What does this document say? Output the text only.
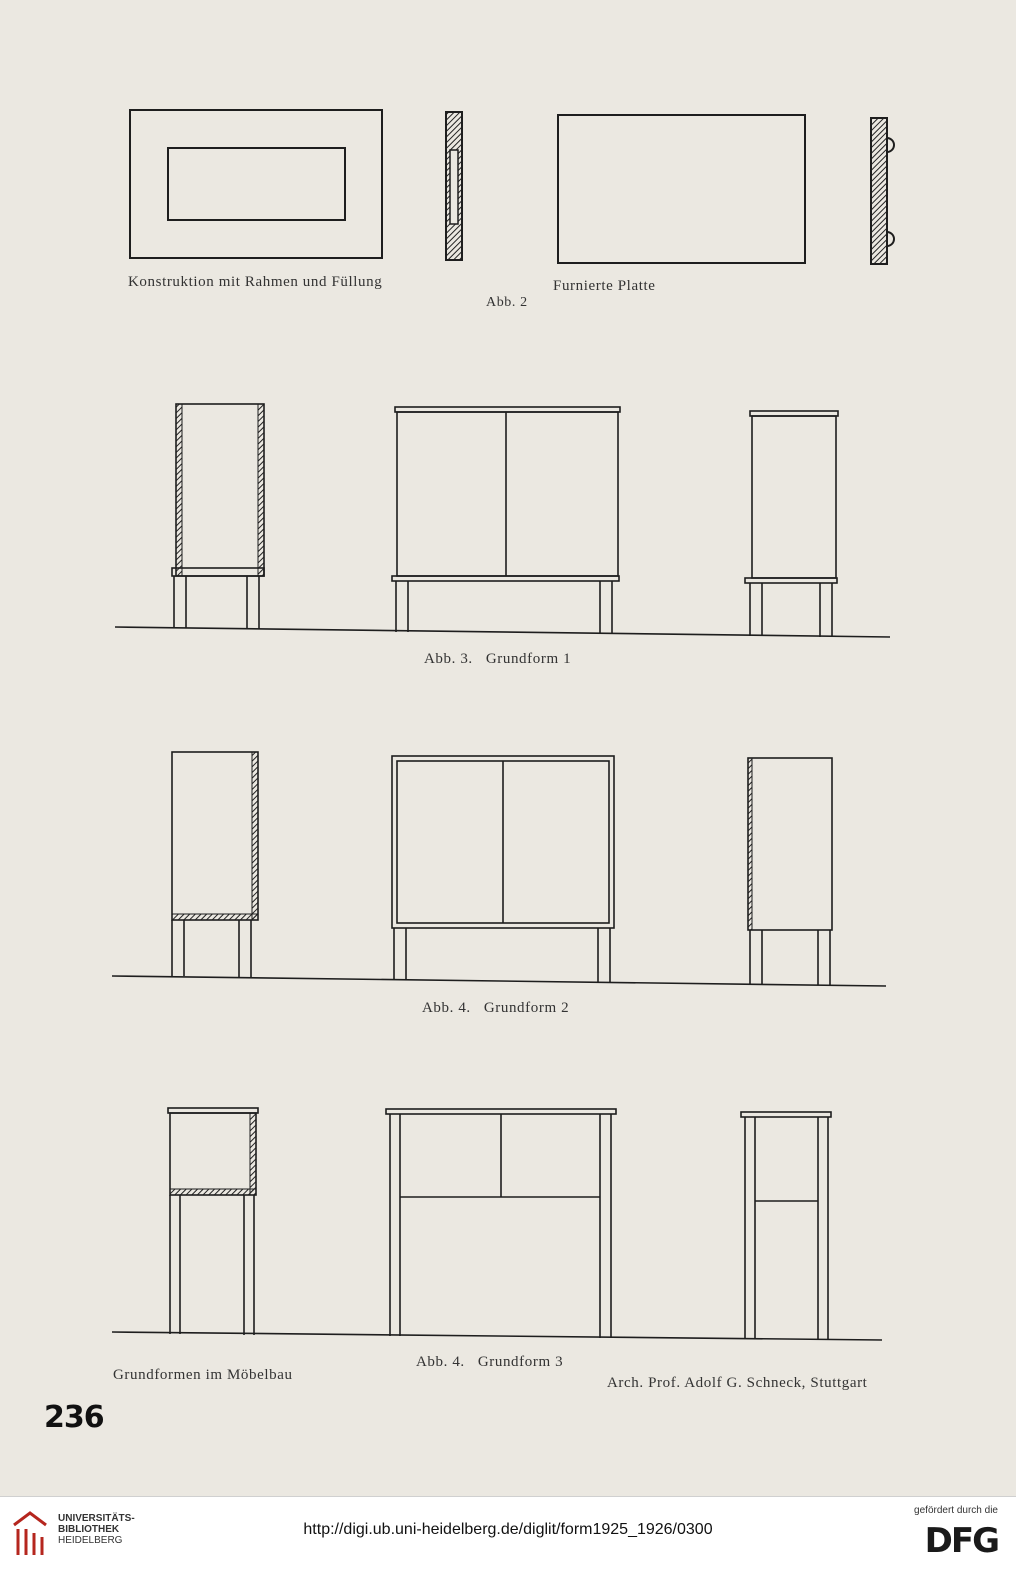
Konstruktion mit Rahmen und Füllung	Furnierte Platte
Abb. 2
Abb. 3.   Grundform 1
Abb. 4.   Grundform 2
Abb. 4.   Grundform 3
Grundformen im Möbelbau	Arch. Prof. Adolf G. Schneck, Stuttgart
236
UNIVERSITÄTS-
BIBLIOTHEK
HEIDELBERG
http://digi.ub.uni-heidelberg.de/diglit/form1925_1926/0300
gefördert durch die
DFG
